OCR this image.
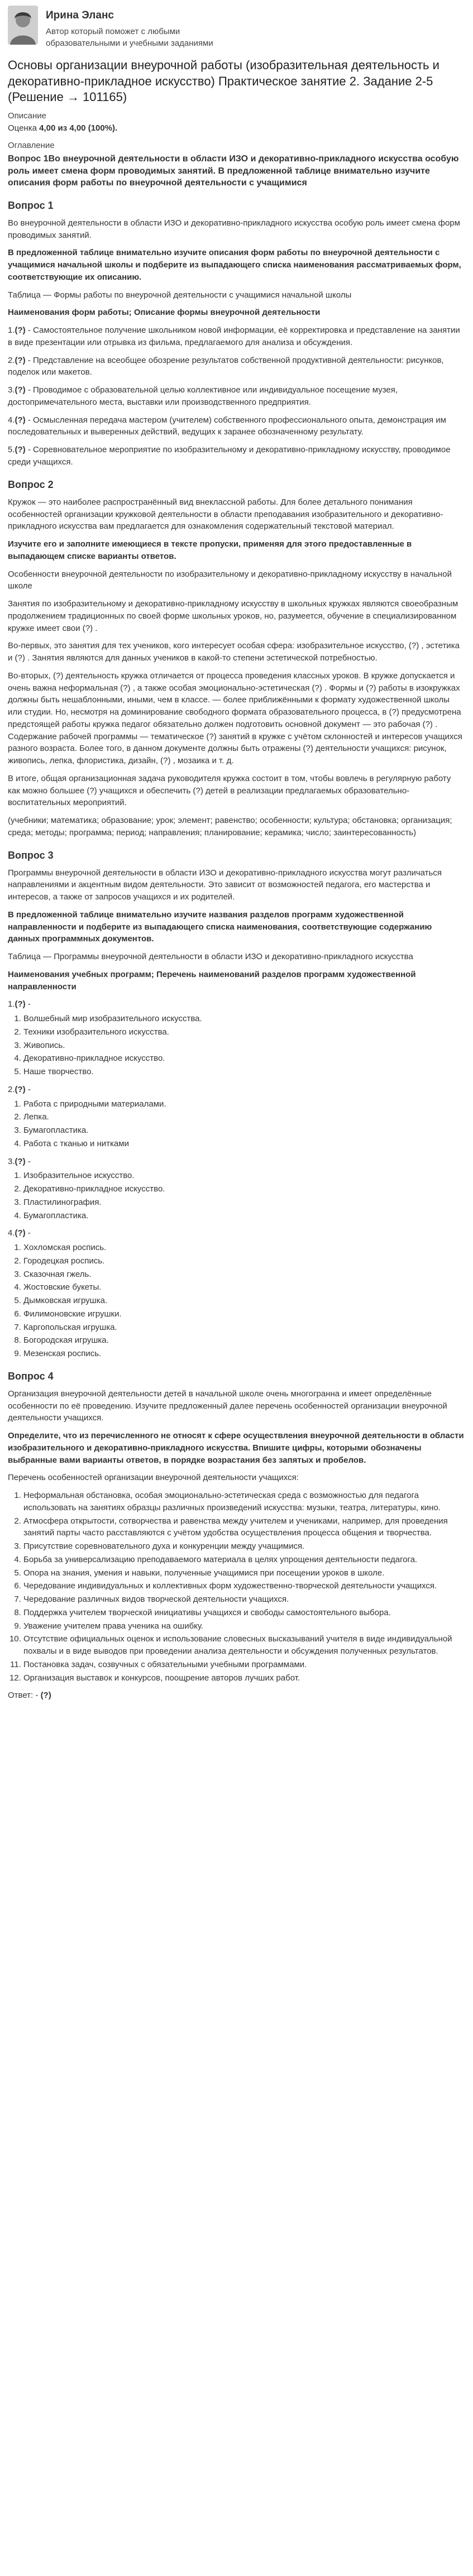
Ирина Эланс
Автор который поможет с любыми образовательными и учебными заданиями
Основы организации внеурочной работы (изобразительная деятельность и декоративно-прикладное искусство) Практическое занятие 2. Задание 2-5 (Решение → 101165)
Описание
Оценка 4,00 из 4,00 (100%).
Оглавление
Вопрос 1Во внеурочной деятельности в области ИЗО и декоративно-прикладного искусства особую роль имеет смена форм проводимых занятий. В предложенной таблице внимательно изучите описания форм работы по внеурочной деятельности с учащимися
Вопрос 1

Во внеурочной деятельности в области ИЗО и декоративно-прикладного искусства особую роль имеет смена форм проводимых занятий.

В предложенной таблице внимательно изучите описания форм работы по внеурочной деятельности с учащимися начальной школы и подберите из выпадающего списка наименования рассматриваемых форм, соответствующие их описанию.

Таблица — Формы работы по внеурочной деятельности с учащимися начальной школы

Наименования форм работы; Описание формы внеурочной деятельности

1.(?) - Самостоятельное получение школьником новой информации, её корректировка и представление на занятии в виде презентации или отрывка из фильма, предлагаемого для анализа и обсуждения.
2.(?) - Представление на всеобщее обозрение результатов собственной продуктивной деятельности: рисунков, поделок или макетов.
3.(?) - Проводимое с образовательной целью коллективное или индивидуальное посещение музея, достопримечательного места, выставки или производственного предприятия.
4.(?) - Осмысленная передача мастером (учителем) собственного профессионального опыта, демонстрация им последовательных и выверенных действий, ведущих к заранее обозначенному результату.
5.(?) - Соревновательное мероприятие по изобразительному и декоративно-прикладному искусству, проводимое среди учащихся.
Вопрос 2

Кружок — это наиболее распространённый вид внеклассной работы. Для более детального понимания особенностей организации кружковой деятельности в области преподавания изобразительного и декоративно-прикладного искусства вам предлагается для ознакомления содержательный текстовой материал.

Изучите его и заполните имеющиеся в тексте пропуски, применяя для этого предоставленные в выпадающем списке варианты ответов.

Особенности внеурочной деятельности по изобразительному и декоративно-прикладному искусству в начальной школе

Занятия по изобразительному и декоративно-прикладному искусству в школьных кружках являются своеобразным продолжением традиционных по своей форме школьных уроков, но, разумеется, обучение в специализированном кружке имеет свои (?) .

Во-первых, это занятия для тех учеников, кого интересует особая сфера: изобразительное искусство, (?) , эстетика и (?) . Занятия являются для данных учеников в какой-то степени эстетической потребностью.

Во-вторых, (?) деятельность кружка отличается от процесса проведения классных уроков. В кружке допускается и очень важна неформальная (?) , а также особая эмоционально-эстетическая (?) . Формы и (?) работы в изокружках должны быть нешаблонными, иными, чем в классе. — более приближёнными к формату художественной школы или студии. Но, несмотря на доминирование свободного формата образовательного процесса, в (?) предусмотрена предстоящей работы кружка педагог обязательно должен подготовить основной документ — это рабочая (?) . Содержание рабочей программы — тематическое (?) занятий в кружке с учётом склонностей и интересов учащихся разного возраста. Более того, в данном документе должны быть отражены (?) деятельности учащихся: рисунок, живопись, лепка, флористика, дизайн, (?) , мозаика и т. д.

В итоге, общая организационная задача руководителя кружка состоит в том, чтобы вовлечь в регулярную работу как можно большее (?) учащихся и обеспечить (?) детей в реализации предлагаемых образовательно-воспитательных мероприятий.

(учебники; математика; образование; урок; элемент; равенство; особенности; культура; обстановка; организация; среда; методы; программа; период; направления; планирование; керамика; число; заинтересованность)

Вопрос 3

Программы внеурочной деятельности в области ИЗО и декоративно-прикладного искусства могут различаться направлениями и акцентным видом деятельности. Это зависит от возможностей педагога, его мастерства и интересов, а также от запросов учащихся и их родителей.

В предложенной таблице внимательно изучите названия разделов программ художественной направленности и подберите из выпадающего списка наименования, соответствующие содержанию данных программных документов.

Таблица — Программы внеурочной деятельности в области ИЗО и декоративно-прикладного искусства

Наименования учебных программ; Перечень наименований разделов программ художественной направленности

1.(?) -
1. Волшебный мир изобразительного искусства.
2. Техники изобразительного искусства.
3. Живопись.
4. Декоративно-прикладное искусство.
5. Наше творчество.
2.(?) -
1. Работа с природными материалами.
2. Лепка.
3. Бумагопластика.
4. Работа с тканью и нитками
3.(?) -
1. Изобразительное искусство.
2. Декоративно-прикладное искусство.
3. Пластилинография.
4. Бумагопластика.
4.(?) -
1. Хохломская роспись.
2. Городецкая роспись.
3. Сказочная гжель.
4. Жостовские букеты.
5. Дымковская игрушка.
6. Филимоновские игрушки.
7. Каргопольская игрушка.
8. Богородская игрушка.
9. Мезенская роспись.
Вопрос 4

Организация внеурочной деятельности детей в начальной школе очень многогранна и имеет определённые особенности по её проведению. Изучите предложенный далее перечень особенностей организации внеурочной деятельности учащихся.

Определите, что из перечисленного не относят к сфере осуществления внеурочной деятельности в области изобразительного и декоративно-прикладного искусства. Впишите цифры, которыми обозначены выбранные вами варианты ответов, в порядке возрастания без запятых и пробелов.

Перечень особенностей организации внеурочной деятельности учащихся:

1. Неформальная обстановка, особая эмоционально-эстетическая среда с возможностью для педагога использовать на занятиях образцы различных произведений искусства: музыки, театра, литературы, кино.
2. Атмосфера открытости, сотворчества и равенства между учителем и учениками, например, для проведения занятий парты часто расставляются с учётом удобства осуществления процесса общения и творчества.
3. Присутствие соревновательного духа и конкуренции между учащимися.
4. Борьба за универсализацию преподаваемого материала в целях упрощения деятельности педагога.
5. Опора на знания, умения и навыки, полученные учащимися при посещении уроков в школе.
6. Чередование индивидуальных и коллективных форм художественно-творческой деятельности учащихся.
7. Чередование различных видов творческой деятельности учащихся.
8. Поддержка учителем творческой инициативы учащихся и свободы самостоятельного выбора.
9. Уважение учителем права ученика на ошибку.
10. Отсутствие официальных оценок и использование словесных высказываний учителя в виде индивидуальной похвалы и в виде выводов при проведении анализа деятельности и обсуждения полученных результатов.
11. Постановка задач, созвучных с обязательными учебными программами.
12. Организация выставок и конкурсов, поощрение авторов лучших работ.
Ответ: - (?)
